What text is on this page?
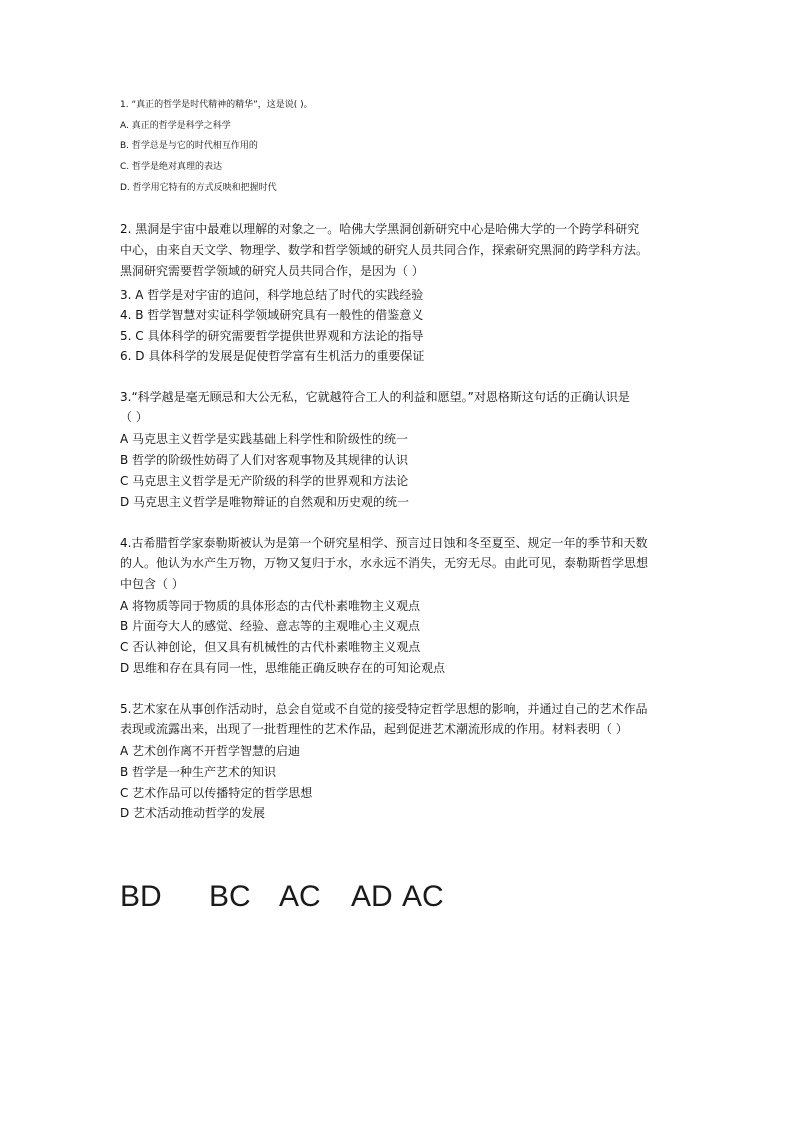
1. “真正的哲学是时代精神的精华”，这是说( )。
A. 真正的哲学是科学之科学
B. 哲学总是与它的时代相互作用的
C. 哲学是绝对真理的表达
D. 哲学用它特有的方式反映和把握时代
2. 黑洞是宇宙中最难以理解的对象之一。哈佛大学黑洞创新研究中心是哈佛大学的一个跨学科研究
中心，由来自天文学、物理学、数学和哲学领域的研究人员共同合作，探索研究黑洞的跨学科方法。
黑洞研究需要哲学领域的研究人员共同合作，是因为（ ）
3. A 哲学是对宇宙的追问，科学地总结了时代的实践经验
4. B 哲学智慧对实证科学领域研究具有一般性的借鉴意义
5. C 具体科学的研究需要哲学提供世界观和方法论的指导
6. D 具体科学的发展是促使哲学富有生机活力的重要保证
3.“科学越是毫无顾忌和大公无私，它就越符合工人的利益和愿望。”对恩格斯这句话的正确认识是
（ ）
A 马克思主义哲学是实践基础上科学性和阶级性的统一
B 哲学的阶级性妨碍了人们对客观事物及其规律的认识
C 马克思主义哲学是无产阶级的科学的世界观和方法论
D 马克思主义哲学是唯物辩证的自然观和历史观的统一
4.古希腊哲学家泰勒斯被认为是第一个研究星相学、预言过日蚀和冬至夏至、规定一年的季节和天数
的人。他认为水产生万物，万物又复归于水，水永远不消失，无穷无尽。由此可见，泰勒斯哲学思想
中包含（ ）
A 将物质等同于物质的具体形态的古代朴素唯物主义观点
B 片面夸大人的感觉、经验、意志等的主观唯心主义观点
C 否认神创论，但又具有机械性的古代朴素唯物主义观点
D 思维和存在具有同一性，思维能正确反映存在的可知论观点
5.艺术家在从事创作活动时，总会自觉或不自觉的接受特定哲学思想的影响，并通过自己的艺术作品
表现或流露出来，出现了一批哲理性的艺术作品，起到促进艺术潮流形成的作用。材料表明（ ）
A 艺术创作离不开哲学智慧的启迪
B 哲学是一种生产艺术的知识
C 艺术作品可以传播特定的哲学思想
D 艺术活动推动哲学的发展
BD BC AC AD AC
